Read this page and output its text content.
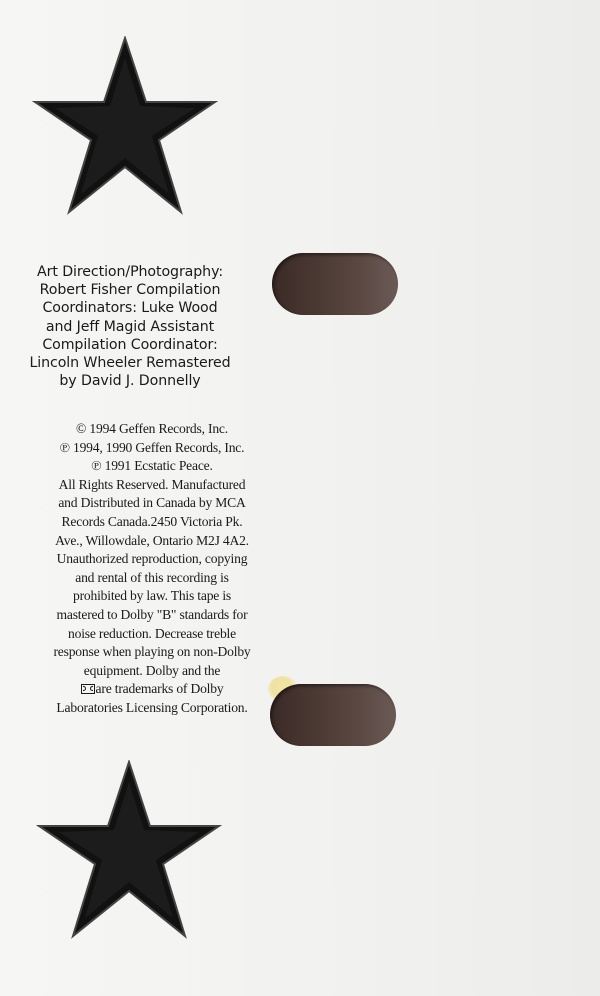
Art Direction/Photography:
Robert Fisher Compilation
Coordinators: Luke Wood
and Jeff Magid Assistant
Compilation Coordinator:
Lincoln Wheeler Remastered
by David J. Donnelly
© 1994 Geffen Records, Inc.
℗ 1994, 1990 Geffen Records, Inc.
℗ 1991 Ecstatic Peace.
All Rights Reserved. Manufactured
and Distributed in Canada by MCA
Records Canada.2450 Victoria Pk.
Ave., Willowdale, Ontario M2J 4A2.
Unauthorized reproduction, copying
and rental of this recording is
prohibited by law. This tape is
mastered to Dolby "B" standards for
noise reduction. Decrease treble
response when playing on non-Dolby
equipment. Dolby and the
are trademarks of Dolby
Laboratories Licensing Corporation.
